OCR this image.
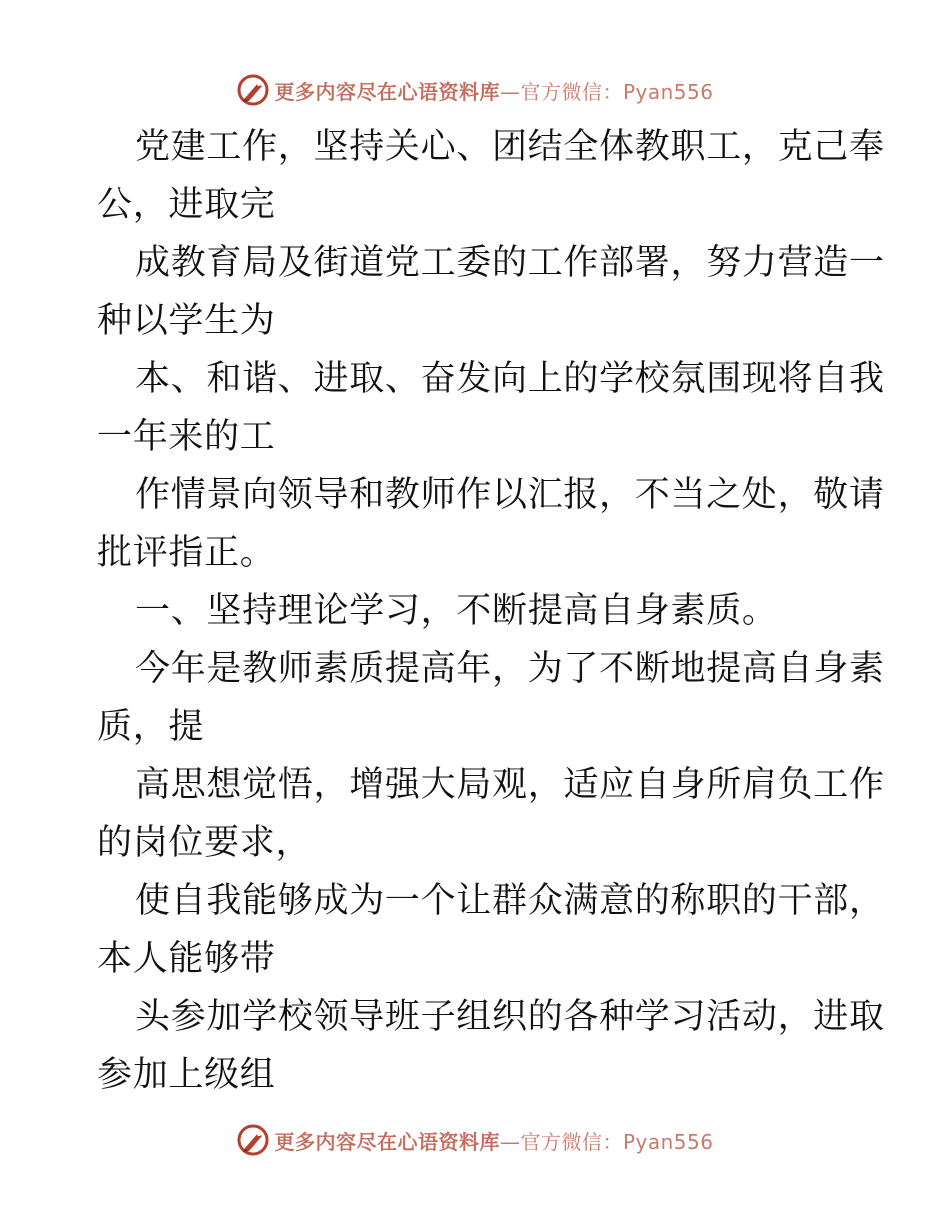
更多内容尽在心语资料库—官方微信：Pyan556
党建工作，坚持关心、团结全体教职工，克己奉
公，进取完
成教育局及街道党工委的工作部署，努力营造一
种以学生为
本、和谐、进取、奋发向上的学校氛围现将自我
一年来的工
作情景向领导和教师作以汇报，不当之处，敬请
批评指正。
一、坚持理论学习，不断提高自身素质。
今年是教师素质提高年，为了不断地提高自身素
质，提
高思想觉悟，增强大局观，适应自身所肩负工作
的岗位要求，
使自我能够成为一个让群众满意的称职的干部，
本人能够带
头参加学校领导班子组织的各种学习活动，进取
参加上级组
更多内容尽在心语资料库—官方微信：Pyan556
